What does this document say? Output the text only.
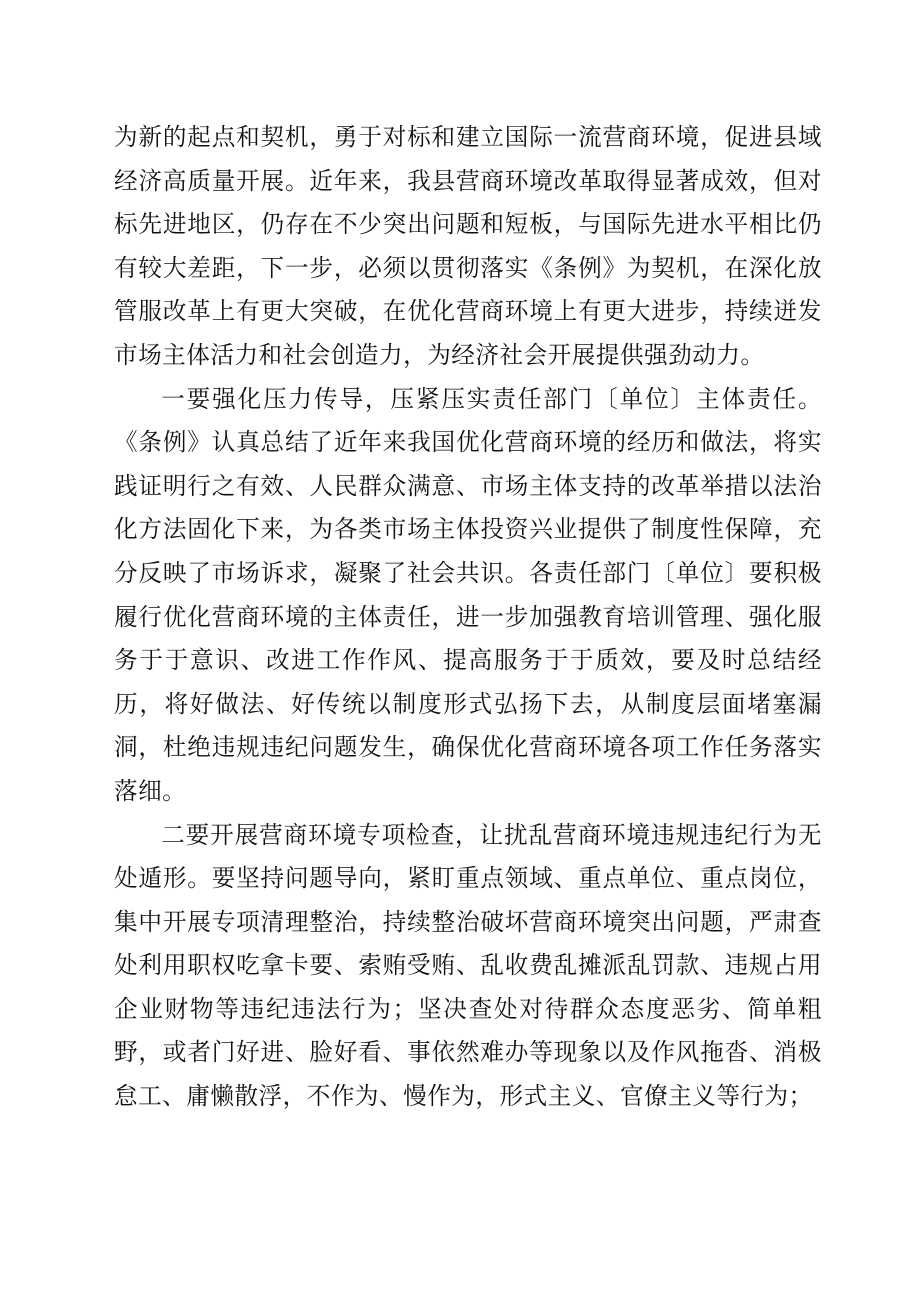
为新的起点和契机，勇于对标和建立国际一流营商环境，促进县域经济高质量开展。近年来，我县营商环境改革取得显著成效，但对标先进地区，仍存在不少突出问题和短板，与国际先进水平相比仍有较大差距，下一步，必须以贯彻落实《条例》为契机，在深化放管服改革上有更大突破，在优化营商环境上有更大进步，持续迸发市场主体活力和社会创造力，为经济社会开展提供强劲动力。

一要强化压力传导，压紧压实责任部门〔单位〕主体责任。《条例》认真总结了近年来我国优化营商环境的经历和做法，将实践证明行之有效、人民群众满意、市场主体支持的改革举措以法治化方法固化下来，为各类市场主体投资兴业提供了制度性保障，充分反映了市场诉求，凝聚了社会共识。各责任部门〔单位〕要积极履行优化营商环境的主体责任，进一步加强教育培训管理、强化服务于于意识、改进工作作风、提高服务于于质效，要及时总结经历，将好做法、好传统以制度形式弘扬下去，从制度层面堵塞漏洞，杜绝违规违纪问题发生，确保优化营商环境各项工作任务落实落细。

二要开展营商环境专项检查，让扰乱营商环境违规违纪行为无处遁形。要坚持问题导向，紧盯重点领域、重点单位、重点岗位，集中开展专项清理整治，持续整治破坏营商环境突出问题，严肃查处利用职权吃拿卡要、索贿受贿、乱收费乱摊派乱罚款、违规占用企业财物等违纪违法行为；坚决查处对待群众态度恶劣、简单粗野，或者门好进、脸好看、事依然难办等现象以及作风拖沓、消极怠工、庸懒散浮，不作为、慢作为，形式主义、官僚主义等行为；
